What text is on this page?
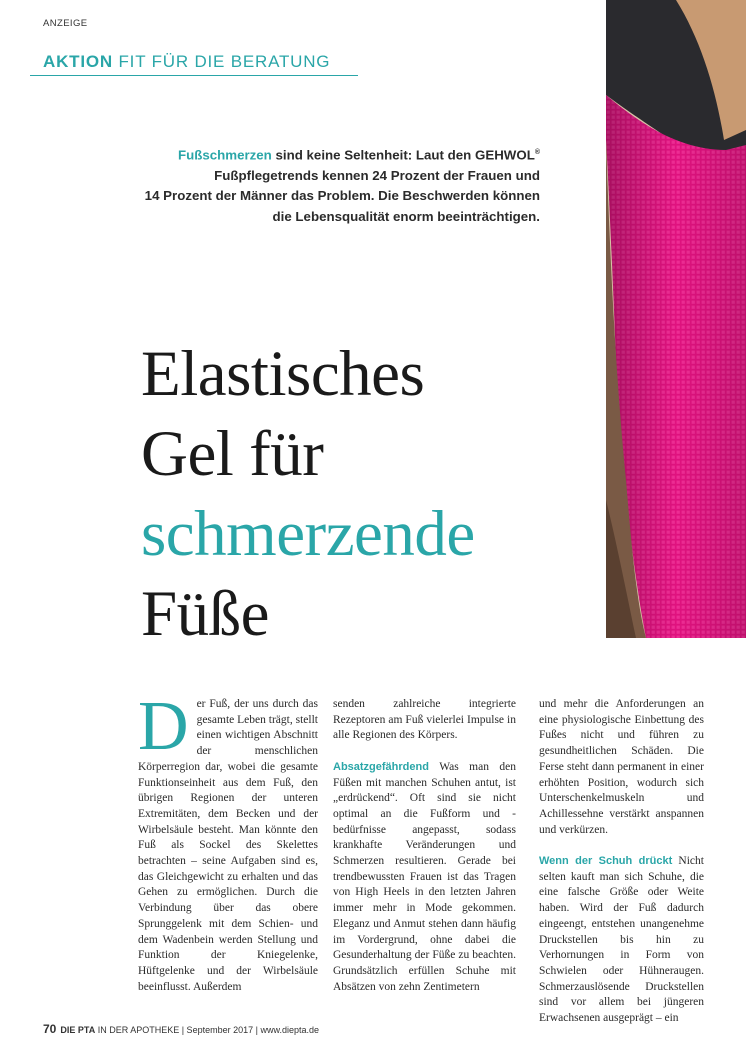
ANZEIGE
AKTION FIT FÜR DIE BERATUNG
Fußschmerzen sind keine Seltenheit: Laut den GEHWOL®
Fußpflegetrends kennen 24 Prozent der Frauen und
14 Prozent der Männer das Problem. Die Beschwerden können
die Lebensqualität enorm beeinträchtigen.
Elastisches
Gel für
schmerzende
Füße

Der Fuß, der uns durch das gesamte Leben trägt, stellt einen wichtigen Abschnitt der menschlichen Körperregion dar, wobei die gesamte Funktionseinheit aus dem Fuß, den übrigen Regionen der unteren Extremitäten, dem Becken und der Wirbelsäule besteht. Man könnte den Fuß als Sockel des Skelettes betrachten – seine Aufgaben sind es, das Gleichgewicht zu erhalten und das Gehen zu ermöglichen. Durch die Verbindung über das obere Sprunggelenk mit dem Schien- und dem Wadenbein werden Stellung und Funktion der Kniegelenke, Hüftgelenke und der Wirbelsäule beeinflusst. Außerdem

senden zahlreiche integrierte Rezeptoren am Fuß vielerlei Impulse in alle Regionen des Körpers.

Absatzgefährdend Was man den Füßen mit manchen Schuhen antut, ist „erdrückend“. Oft sind sie nicht optimal an die Fußform und -bedürfnisse angepasst, sodass krankhafte Veränderungen und Schmerzen resultieren. Gerade bei trendbewussten Frauen ist das Tragen von High Heels in den letzten Jahren immer mehr in Mode gekommen. Eleganz und Anmut stehen dann häufig im Vordergrund, ohne dabei die Gesunderhaltung der Füße zu beachten. Grundsätzlich erfüllen Schuhe mit Absätzen von zehn Zentimetern

und mehr die Anforderungen an eine physiologische Einbettung des Fußes nicht und führen zu gesundheitlichen Schäden. Die Ferse steht dann permanent in einer erhöhten Position, wodurch sich Unterschenkelmuskeln und Achillessehne verstärkt anspannen und verkürzen.

Wenn der Schuh drückt Nicht selten kauft man sich Schuhe, die eine falsche Größe oder Weite haben. Wird der Fuß dadurch eingeengt, entstehen unangenehme Druckstellen bis hin zu Verhornungen in Form von Schwielen oder Hühneraugen. Schmerzauslösende Druckstellen sind vor allem bei jüngeren Erwachsenen ausgeprägt – ein

70 DIE PTA IN DER APOTHEKE | September 2017 | www.diepta.de
